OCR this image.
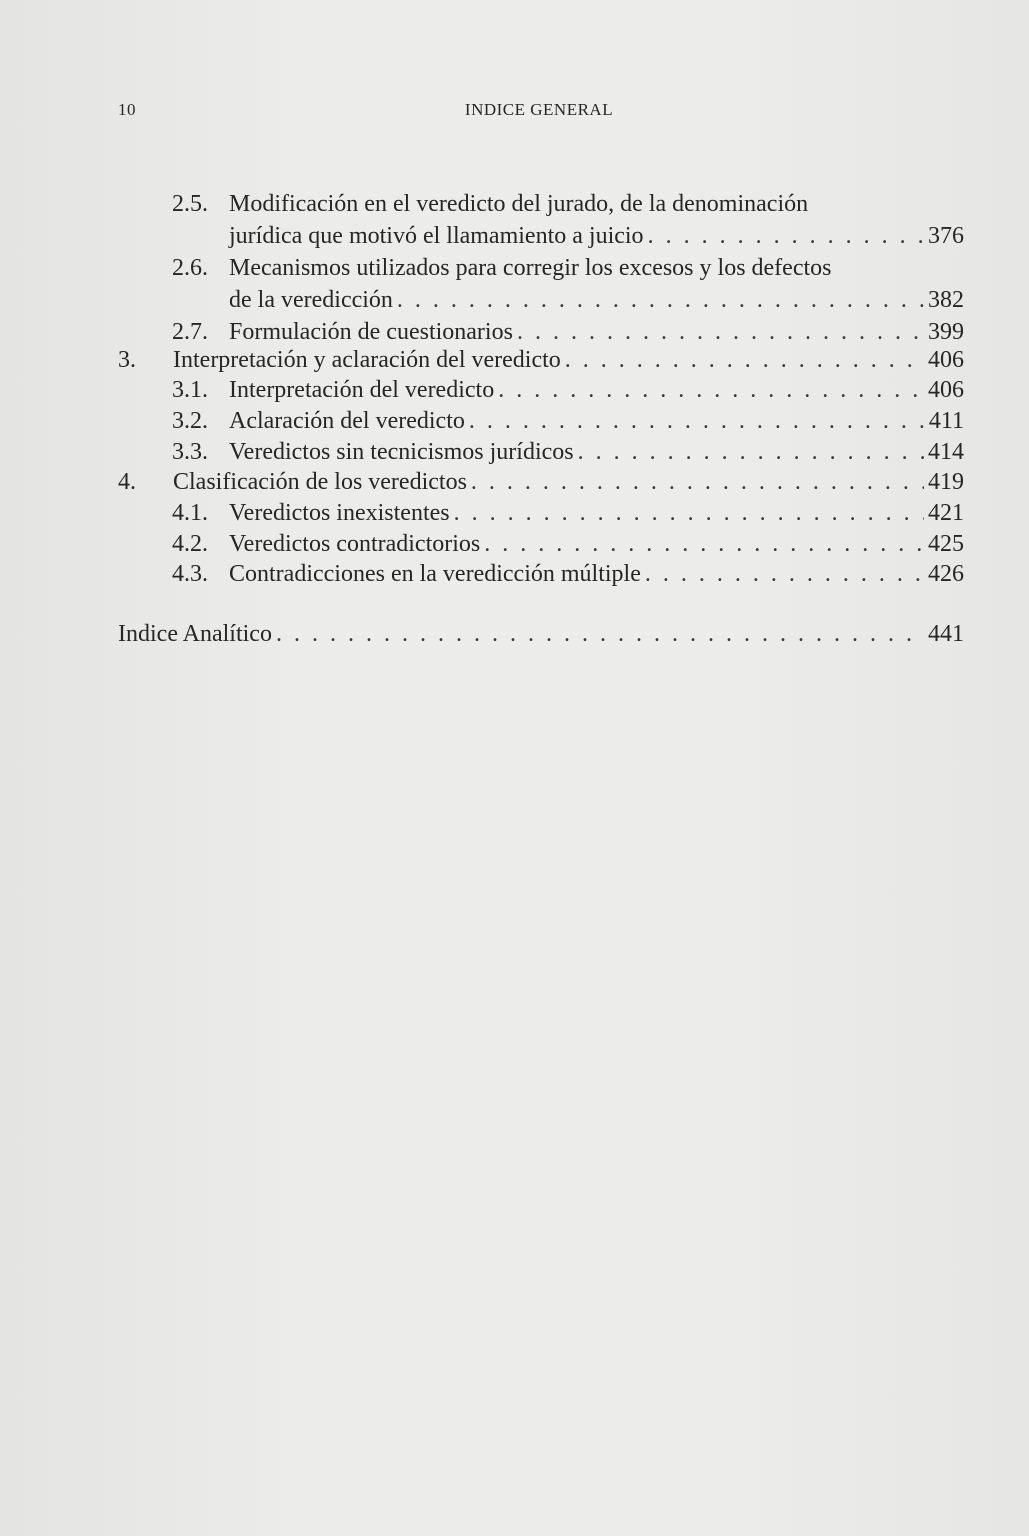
10	INDICE GENERAL
2.5. Modificación en el veredicto del jurado, de la denominación
jurídica que motivó el llamamiento a juicio . . .	376
2.6. Mecanismos utilizados para corregir los excesos y los defectos
de la veredicción . . .	382
2.7. Formulación de cuestionarios . . .	399
3. Interpretación y aclaración del veredicto . . .	406
3.1. Interpretación del veredicto . . .	406
3.2. Aclaración del veredicto . . .	411
3.3. Veredictos sin tecnicismos jurídicos . . .	414
4. Clasificación de los veredictos . . .	419
4.1. Veredictos inexistentes . . .	421
4.2. Veredictos contradictorios . . .	425
4.3. Contradicciones en la veredicción múltiple . . .	426
Indice Analítico . . .	441
